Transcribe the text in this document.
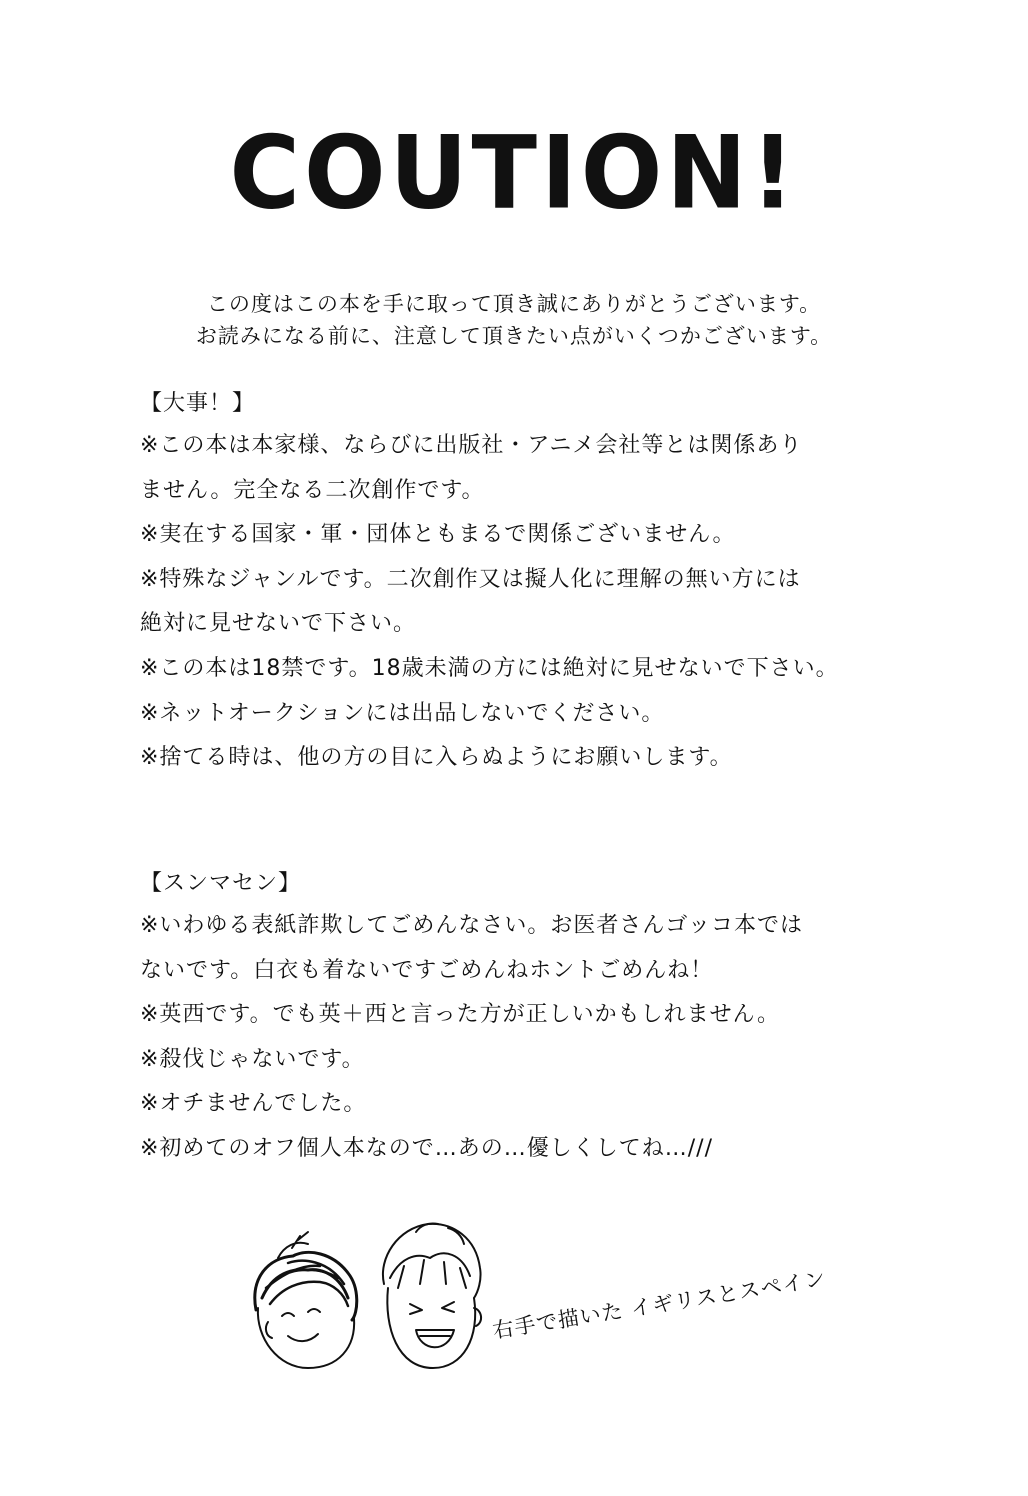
COUTION!
この度はこの本を手に取って頂き誠にありがとうございます。
お読みになる前に、注意して頂きたい点がいくつかございます。
【大事！】
※この本は本家様、ならびに出版社・アニメ会社等とは関係あり
ません。完全なる二次創作です。
※実在する国家・軍・団体ともまるで関係ございません。
※特殊なジャンルです。二次創作又は擬人化に理解の無い方には
絶対に見せないで下さい。
※この本は18禁です。18歳未満の方には絶対に見せないで下さい。
※ネットオークションには出品しないでください。
※捨てる時は、他の方の目に入らぬようにお願いします。
【スンマセン】
※いわゆる表紙詐欺してごめんなさい。お医者さんゴッコ本では
ないです。白衣も着ないですごめんねホントごめんね！
※英西です。でも英＋西と言った方が正しいかもしれません。
※殺伐じゃないです。
※オチませんでした。
※初めてのオフ個人本なので…あの…優しくしてね…///
右手で描いた イギリスとスペイン
